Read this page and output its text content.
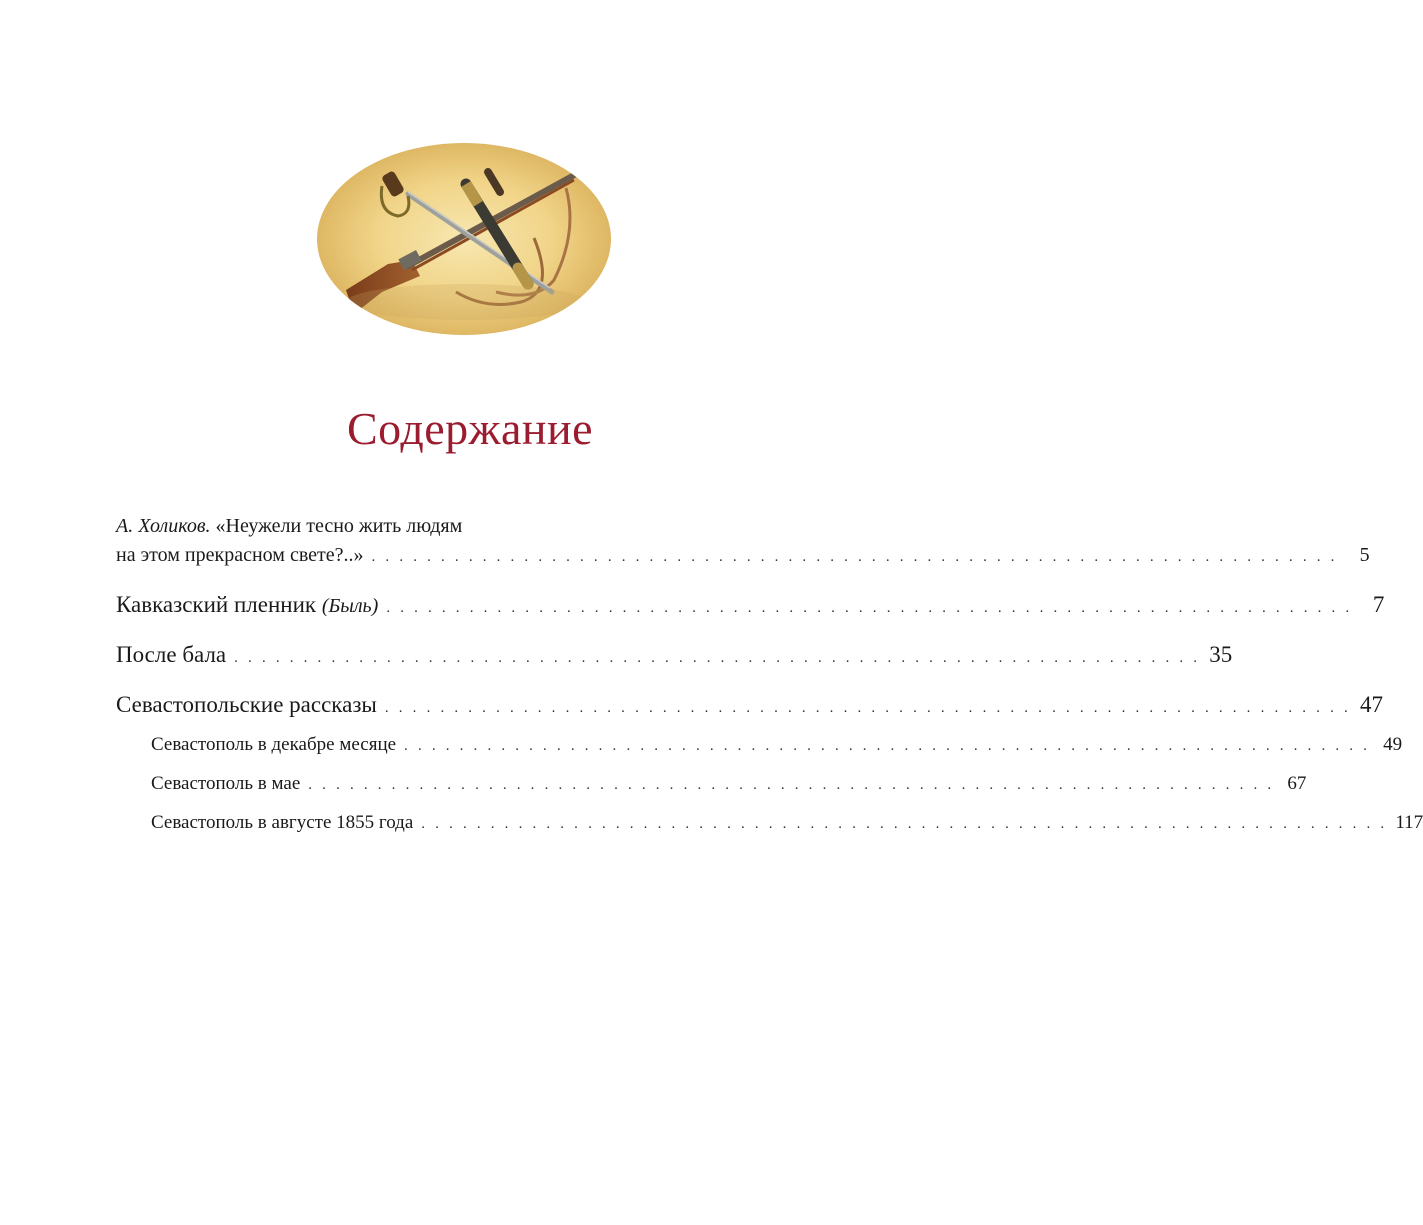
Содержание
А. Холиков. «Неужели тесно жить людям
на этом прекрасном свете?..» . . . . . . . . . . . . . . . . . . . . . . . . . . . . . . . . . . . . . . . . . . . . . . . . . . . . . . . . . . . . . . . . . . . . . .	5
Кавказский пленник (Быль) . . . . . . . . . . . . . . . . . . . . . . . . . . . . . . . . . . . . . . . . . . . . . . . . . . . . . . . . . . . . . . . . . . . . . . 7
После бала . . . . . . . . . . . . . . . . . . . . . . . . . . . . . . . . . . . . . . . . . . . . . . . . . . . . . . . . . . . . . . . . . . . . . . 35
Севастопольские рассказы . . . . . . . . . . . . . . . . . . . . . . . . . . . . . . . . . . . . . . . . . . . . . . . . . . . . . . . . . . . . . . . . . . . . . . 47
Севастополь в декабре месяце . . . . . . . . . . . . . . . . . . . . . . . . . . . . . . . . . . . . . . . . . . . . . . . . . . . . . . . . . . . . . . . . . . . . . . 49
Севастополь в мае . . . . . . . . . . . . . . . . . . . . . . . . . . . . . . . . . . . . . . . . . . . . . . . . . . . . . . . . . . . . . . . . . . . . . . 67
Севастополь в августе 1855 года . . . . . . . . . . . . . . . . . . . . . . . . . . . . . . . . . . . . . . . . . . . . . . . . . . . . . . . . . . . . . . . . . . . . . . 117
